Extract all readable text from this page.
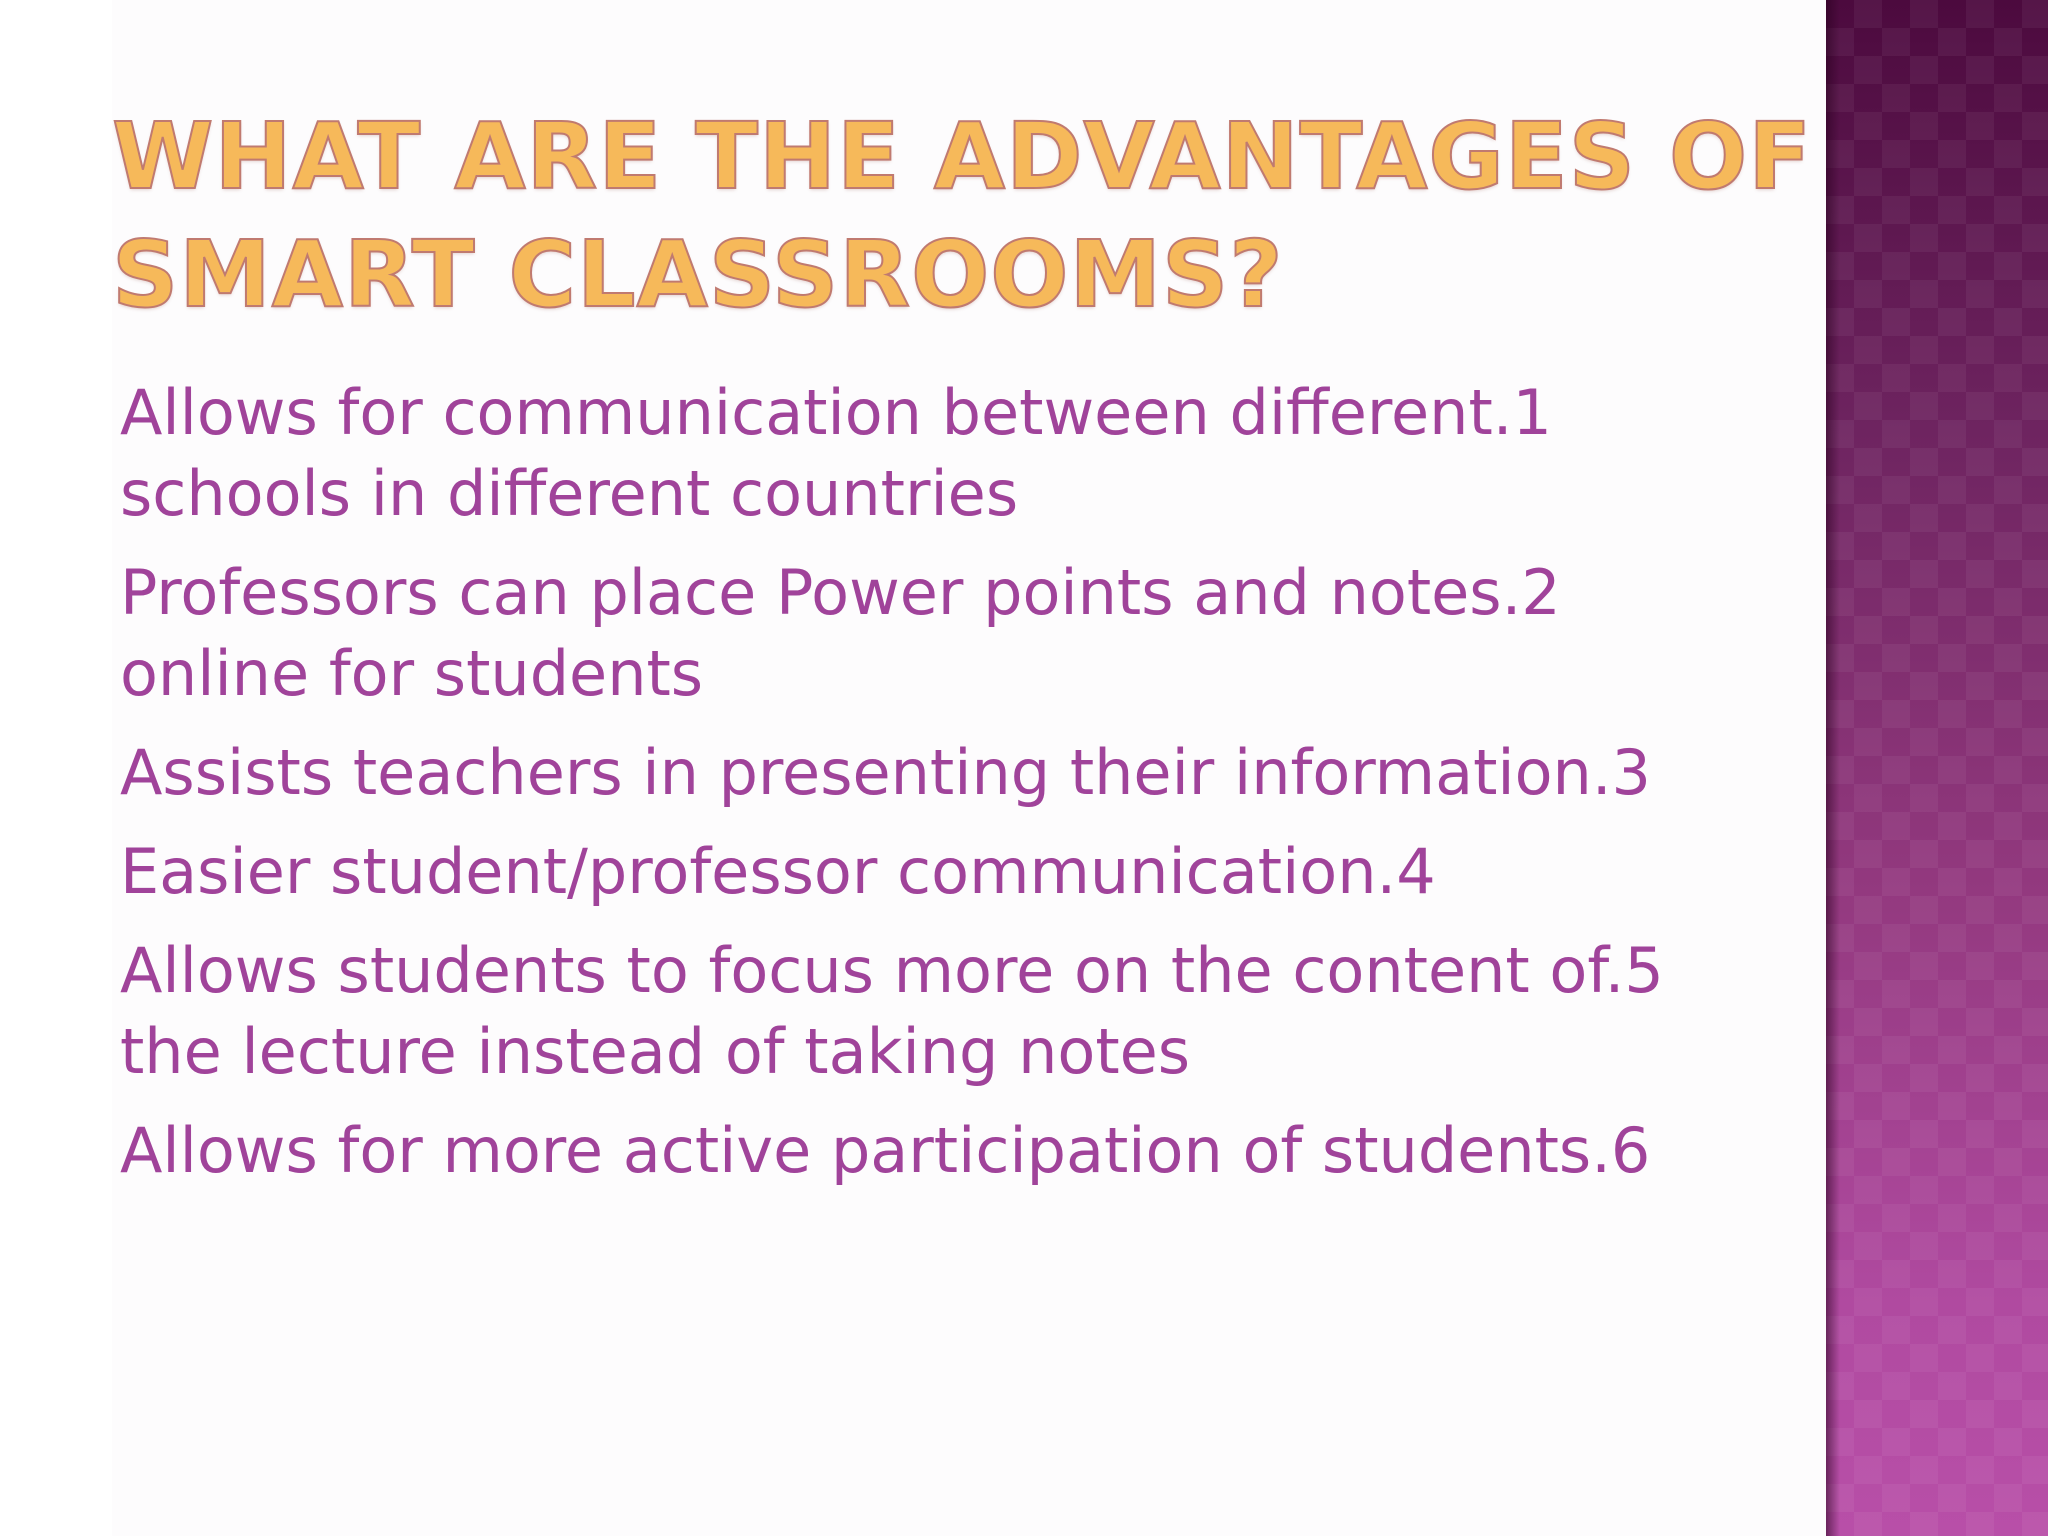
WHAT ARE THE ADVANTAGES OF
SMART CLASSROOMS?
Allows for communication between different.1
schools in different countries
Professors can place Power points and notes.2
online for students
Assists teachers in presenting their information.3
Easier student/professor communication.4
Allows students to focus more on the content of.5
the lecture instead of taking notes
Allows for more active participation of students.6
